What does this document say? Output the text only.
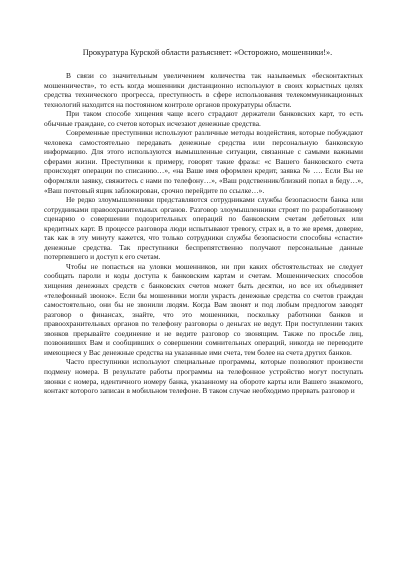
Прокуратура Курской области разъясняет: «Осторожно, мошенники!».

В связи со значительным увеличением количества так называемых «бесконтактных мошенничеств», то есть когда мошенники дистанционно используют в своих корыстных целях средства технического прогресса, преступность в сфере использования телекоммуникационных технологий находится на постоянном контроле органов прокуратуры области.

При таком способе хищения чаще всего страдают держатели банковских карт, то есть обычные граждане, со счетов которых исчезают денежные средства.

Современные преступники используют различные методы воздействия, которые побуждают человека самостоятельно передавать денежные средства или персональную банковскую информацию. Для этого используются вымышленные ситуации, связанные с самыми важными сферами жизни. Преступники к примеру, говорят такие фразы: «с Вашего банковского счета происходят операции по списанию…», «на Ваше имя оформлен кредит, заявка № …. Если Вы не оформляли заявку, свяжитесь с нами по телефону…», «Ваш родственник/близкий попал в беду…», «Ваш почтовый ящик заблокирован, срочно перейдите по ссылке…».

Не редко злоумышленники представляются сотрудниками службы безопасности банка или сотрудниками правоохранительных органов. Разговор злоумышленники строят по разработанному сценарию о совершении подозрительных операций по банковским счетам дебетовых или кредитных карт. В процессе разговора люди испытывают тревогу, страх и, в то же время, доверие, так как в эту минуту кажется, что только сотрудники службы безопасности способны «спасти» денежные средства. Так преступники беспрепятственно получают персональные данные потерпевшего и доступ к его счетам.

Чтобы не попасться на уловки мошенников, ни при каких обстоятельствах не следует сообщать пароли и коды доступа к банковским картам и счетам. Мошеннических способов хищения денежных средств с банковских счетов может быть десятки, но все их объединяет «телефонный звонок». Если бы мошенники могли украсть денежные средства со счетов граждан самостоятельно, они бы не звонили людям. Когда Вам звонят и под любым предлогом заводят разговор о финансах, знайте, что это мошенники, поскольку работники банков и правоохранительных органов по телефону разговоры о деньгах не ведут. При поступлении таких звонков прерывайте соединение и не ведите разговор со звонящим. Также по просьбе лиц, позвонивших Вам и сообщивших о совершении сомнительных операций, никогда не переводите имеющиеся у Вас денежные средства на указанные ими счета, тем более на счета других банков.

Часто преступники используют специальные программы, которые позволяют произвести подмену номера. В результате работы программы на телефонное устройство могут поступать звонки с номера, идентичного номеру банка, указанному на обороте карты или Вашего знакомого, контакт которого записан в мобильном телефоне. В таком случае необходимо прервать разговор и
